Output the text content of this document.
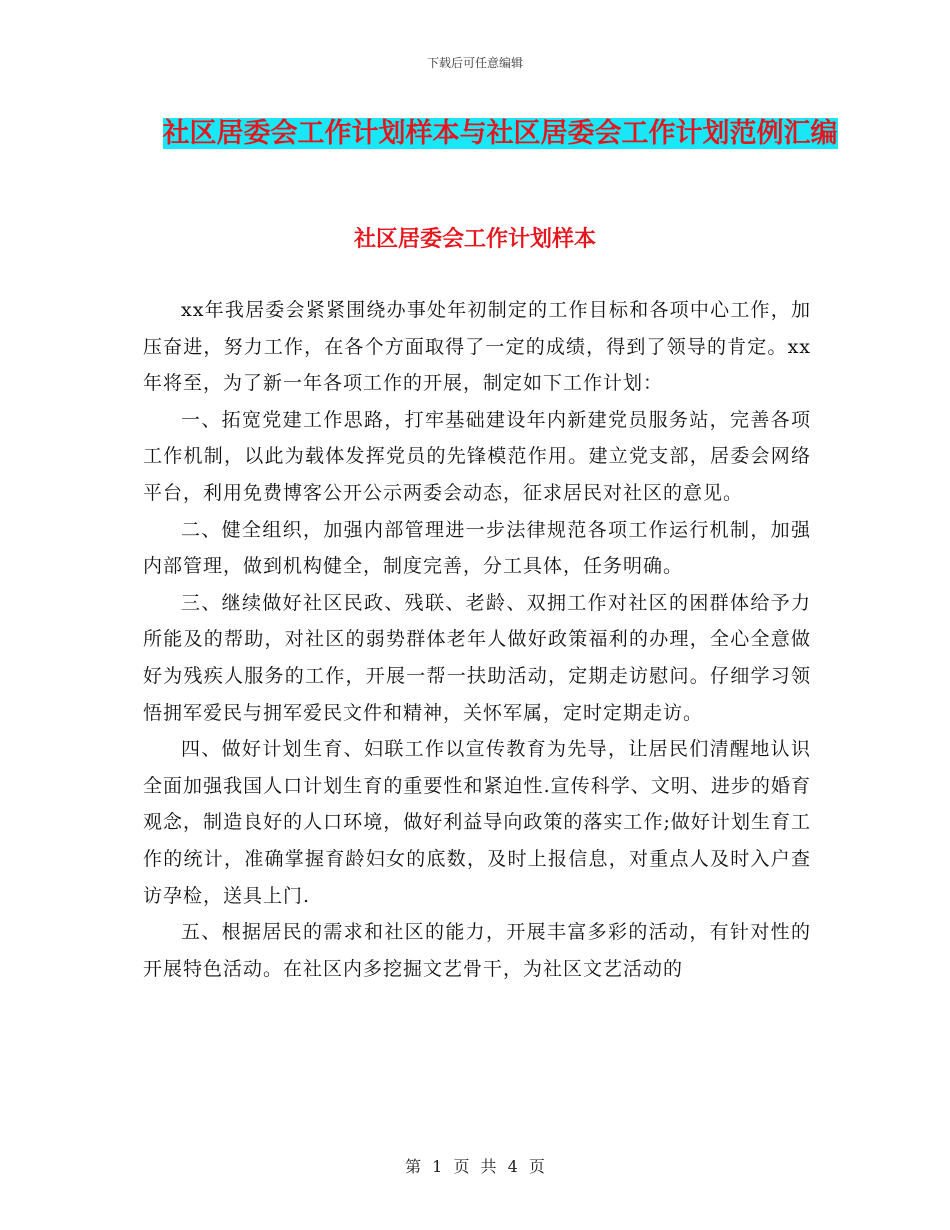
下载后可任意编辑
社区居委会工作计划样本与社区居委会工作计划范例汇编
社区居委会工作计划样本

xx年我居委会紧紧围绕办事处年初制定的工作目标和各项中心工作，加压奋进，努力工作，在各个方面取得了一定的成绩，得到了领导的肯定。xx年将至，为了新一年各项工作的开展，制定如下工作计划：

一、拓宽党建工作思路，打牢基础建设年内新建党员服务站，完善各项工作机制，以此为载体发挥党员的先锋模范作用。建立党支部，居委会网络平台，利用免费博客公开公示两委会动态，征求居民对社区的意见。

二、健全组织，加强内部管理进一步法律规范各项工作运行机制，加强内部管理，做到机构健全，制度完善，分工具体，任务明确。

三、继续做好社区民政、残联、老龄、双拥工作对社区的困群体给予力所能及的帮助，对社区的弱势群体老年人做好政策福利的办理，全心全意做好为残疾人服务的工作，开展一帮一扶助活动，定期走访慰问。仔细学习领悟拥军爱民与拥军爱民文件和精神，关怀军属，定时定期走访。

四、做好计划生育、妇联工作以宣传教育为先导，让居民们清醒地认识全面加强我国人口计划生育的重要性和紧迫性.宣传科学、文明、进步的婚育观念，制造良好的人口环境，做好利益导向政策的落实工作;做好计划生育工作的统计，准确掌握育龄妇女的底数，及时上报信息，对重点人及时入户查访孕检，送具上门.

五、根据居民的需求和社区的能力，开展丰富多彩的活动，有针对性的开展特色活动。在社区内多挖掘文艺骨干，为社区文艺活动的

第 1 页 共 4 页
